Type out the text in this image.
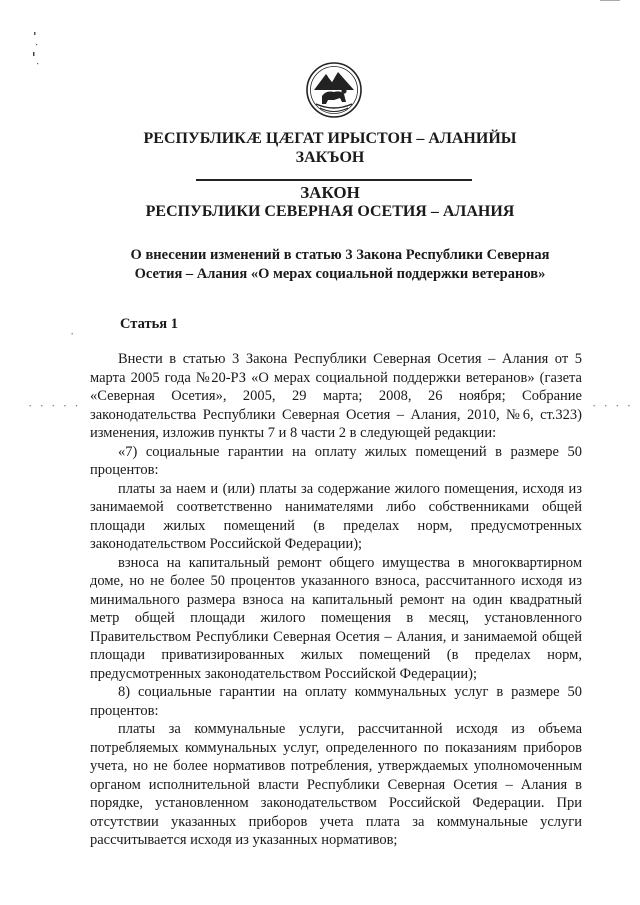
РЕСПУБЛИКӔ ЦӔГАТ ИРЫСТОН – АЛАНИЙЫ
ЗАКЪОН
ЗАКОН
РЕСПУБЛИКИ СЕВЕРНАЯ ОСЕТИЯ – АЛАНИЯ
О внесении изменений в статью 3 Закона Республики Северная
Осетия – Алания «О мерах социальной поддержки ветеранов»
Статья 1
· · · · ·	· · · ·
·

Внести в статью 3 Закона Республики Северная Осетия – Алания от 5 марта 2005 года №20-РЗ «О мерах социальной поддержки ветеранов» (газета «Северная Осетия», 2005, 29 марта; 2008, 26 ноября; Собрание законодательства Республики Северная Осетия – Алания, 2010, №6, ст.323) изменения, изложив пункты 7 и 8 части 2 в следующей редакции:

«7) социальные гарантии на оплату жилых помещений в размере 50 процентов:

платы за наем и (или) платы за содержание жилого помещения, исходя из занимаемой соответственно нанимателями либо собственниками общей площади жилых помещений (в пределах норм, предусмотренных законодательством Российской Федерации);

взноса на капитальный ремонт общего имущества в многоквартирном доме, но не более 50 процентов указанного взноса, рассчитанного исходя из минимального размера взноса на капитальный ремонт на один квадратный метр общей площади жилого помещения в месяц, установленного Правительством Республики Северная Осетия – Алания, и занимаемой общей площади приватизированных жилых помещений (в пределах норм, предусмотренных законодательством Российской Федерации);

8) социальные гарантии на оплату коммунальных услуг в размере 50 процентов:

платы за коммунальные услуги, рассчитанной исходя из объема потребляемых коммунальных услуг, определенного по показаниям приборов учета, но не более нормативов потребления, утверждаемых уполномоченным органом исполнительной власти Республики Северная Осетия – Алания в порядке, установленном законодательством Российской Федерации. При отсутствии указанных приборов учета плата за коммунальные услуги рассчитывается исходя из указанных нормативов;
